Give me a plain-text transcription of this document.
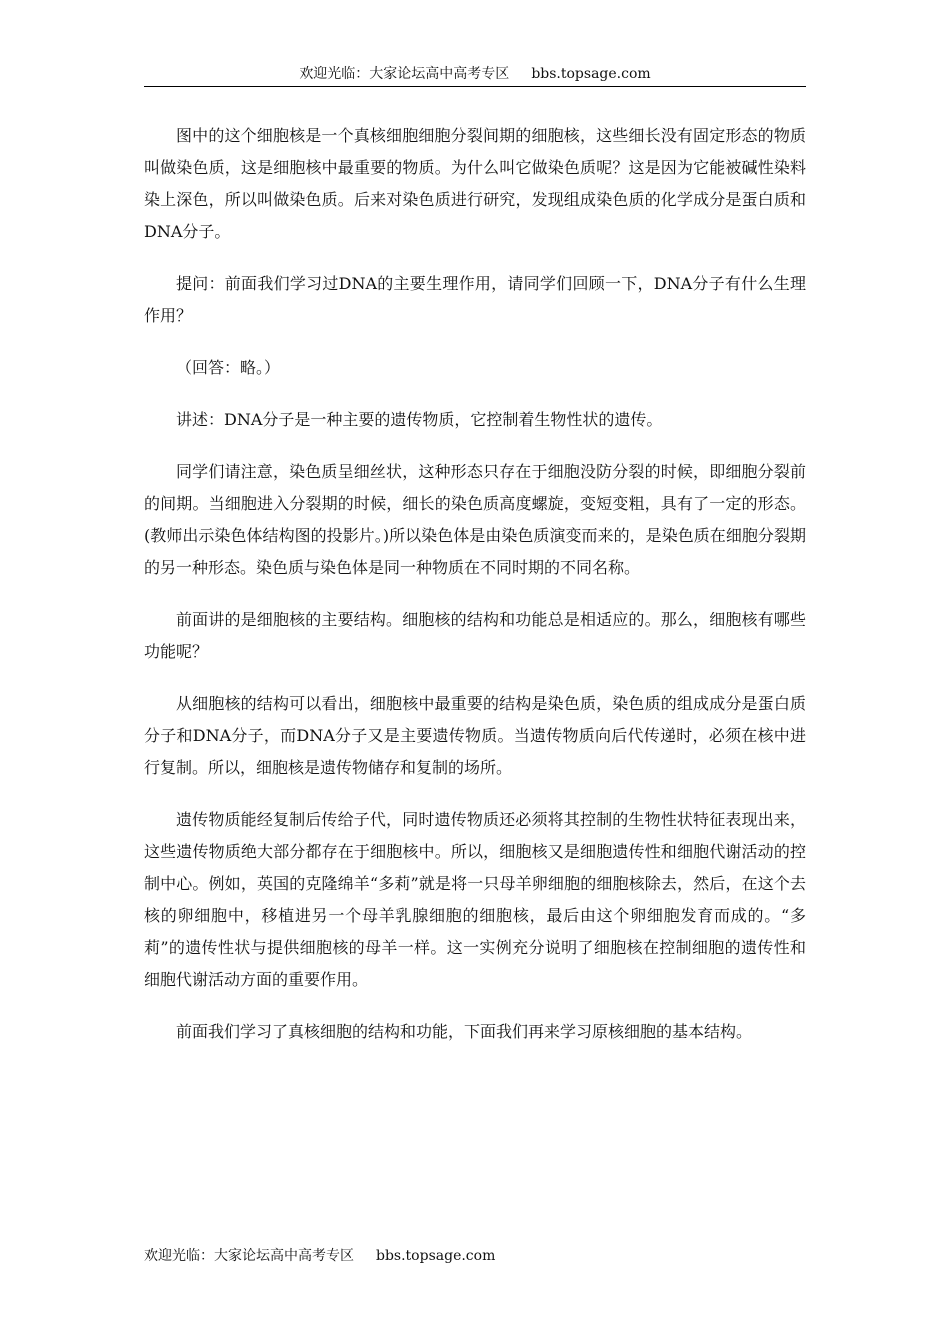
欢迎光临：大家论坛高中高考专区 bbs.topsage.com

图中的这个细胞核是一个真核细胞细胞分裂间期的细胞核，这些细长没有固定形态的物质叫做染色质，这是细胞核中最重要的物质。为什么叫它做染色质呢？这是因为它能被碱性染料染上深色，所以叫做染色质。后来对染色质进行研究，发现组成染色质的化学成分是蛋白质和DNA分子。

提问：前面我们学习过DNA的主要生理作用，请同学们回顾一下，DNA分子有什么生理作用？

（回答：略。）

讲述：DNA分子是一种主要的遗传物质，它控制着生物性状的遗传。

同学们请注意，染色质呈细丝状，这种形态只存在于细胞没防分裂的时候，即细胞分裂前的间期。当细胞进入分裂期的时候，细长的染色质高度螺旋，变短变粗，具有了一定的形态。(教师出示染色体结构图的投影片。)所以染色体是由染色质演变而来的，是染色质在细胞分裂期的另一种形态。染色质与染色体是同一种物质在不同时期的不同名称。

前面讲的是细胞核的主要结构。细胞核的结构和功能总是相适应的。那么，细胞核有哪些功能呢？

从细胞核的结构可以看出，细胞核中最重要的结构是染色质，染色质的组成成分是蛋白质分子和DNA分子，而DNA分子又是主要遗传物质。当遗传物质向后代传递时，必须在核中进行复制。所以，细胞核是遗传物储存和复制的场所。

遗传物质能经复制后传给子代，同时遗传物质还必须将其控制的生物性状特征表现出来，这些遗传物质绝大部分都存在于细胞核中。所以，细胞核又是细胞遗传性和细胞代谢活动的控制中心。例如，英国的克隆绵羊“多莉”就是将一只母羊卵细胞的细胞核除去，然后，在这个去核的卵细胞中，移植进另一个母羊乳腺细胞的细胞核，最后由这个卵细胞发育而成的。“多莉”的遗传性状与提供细胞核的母羊一样。这一实例充分说明了细胞核在控制细胞的遗传性和细胞代谢活动方面的重要作用。

前面我们学习了真核细胞的结构和功能，下面我们再来学习原核细胞的基本结构。

欢迎光临：大家论坛高中高考专区 bbs.topsage.com
